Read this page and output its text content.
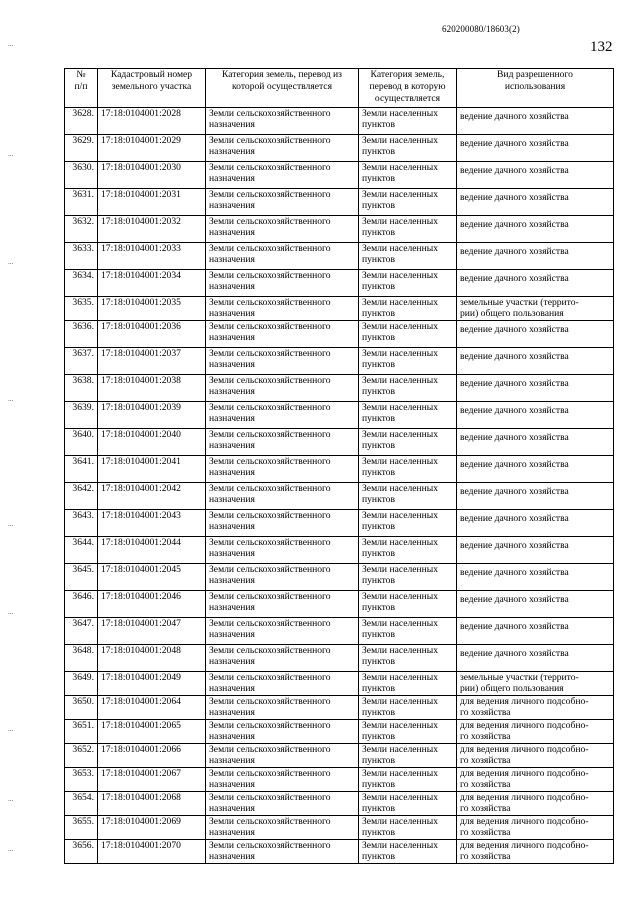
620200080/18603(2)
132
...
...
...
...
...
...
...
...
...
№
п/п	Кадастровый номер
земельного участка	Категория земель, перевод из
которой осуществляется	Категория земель,
перевод в которую
осуществляется	Вид разрешенного
использования

3628.	17:18:0104001:2028	Земли сельскохозяйственного
назначения	Земли населенных
пунктов	ведение дачного хозяйства

3629.	17:18:0104001:2029	Земли сельскохозяйственного
назначения	Земли населенных
пунктов	ведение дачного хозяйства

3630.	17:18:0104001:2030	Земли сельскохозяйственного
назначения	Земли населенных
пунктов	ведение дачного хозяйства

3631.	17:18:0104001:2031	Земли сельскохозяйственного
назначения	Земли населенных
пунктов	ведение дачного хозяйства

3632.	17:18:0104001:2032	Земли сельскохозяйственного
назначения	Земли населенных
пунктов	ведение дачного хозяйства

3633.	17:18:0104001:2033	Земли сельскохозяйственного
назначения	Земли населенных
пунктов	ведение дачного хозяйства

3634.	17:18:0104001:2034	Земли сельскохозяйственного
назначения	Земли населенных
пунктов	ведение дачного хозяйства

3635.	17:18:0104001:2035	Земли сельскохозяйственного
назначения	Земли населенных
пунктов	земельные участки (террито-
рии) общего пользования

3636.	17:18:0104001:2036	Земли сельскохозяйственного
назначения	Земли населенных
пунктов	ведение дачного хозяйства

3637.	17:18:0104001:2037	Земли сельскохозяйственного
назначения	Земли населенных
пунктов	ведение дачного хозяйства

3638.	17:18:0104001:2038	Земли сельскохозяйственного
назначения	Земли населенных
пунктов	ведение дачного хозяйства

3639.	17:18:0104001:2039	Земли сельскохозяйственного
назначения	Земли населенных
пунктов	ведение дачного хозяйства

3640.	17:18:0104001:2040	Земли сельскохозяйственного
назначения	Земли населенных
пунктов	ведение дачного хозяйства

3641.	17:18:0104001:2041	Земли сельскохозяйственного
назначения	Земли населенных
пунктов	ведение дачного хозяйства

3642.	17:18:0104001:2042	Земли сельскохозяйственного
назначения	Земли населенных
пунктов	ведение дачного хозяйства

3643.	17:18:0104001:2043	Земли сельскохозяйственного
назначения	Земли населенных
пунктов	ведение дачного хозяйства

3644.	17:18:0104001:2044	Земли сельскохозяйственного
назначения	Земли населенных
пунктов	ведение дачного хозяйства

3645.	17:18:0104001:2045	Земли сельскохозяйственного
назначения	Земли населенных
пунктов	ведение дачного хозяйства

3646.	17:18:0104001:2046	Земли сельскохозяйственного
назначения	Земли населенных
пунктов	ведение дачного хозяйства

3647.	17:18:0104001:2047	Земли сельскохозяйственного
назначения	Земли населенных
пунктов	ведение дачного хозяйства

3648.	17:18:0104001:2048	Земли сельскохозяйственного
назначения	Земли населенных
пунктов	ведение дачного хозяйства

3649.	17:18:0104001:2049	Земли сельскохозяйственного
назначения	Земли населенных
пунктов	земельные участки (террито-
рии) общего пользования

3650.	17:18:0104001:2064	Земли сельскохозяйственного
назначения	Земли населенных
пунктов	для ведения личного подсобно-
го хозяйства

3651.	17:18:0104001:2065	Земли сельскохозяйственного
назначения	Земли населенных
пунктов	для ведения личного подсобно-
го хозяйства

3652.	17:18:0104001:2066	Земли сельскохозяйственного
назначения	Земли населенных
пунктов	для ведения личного подсобно-
го хозяйства

3653.	17:18:0104001:2067	Земли сельскохозяйственного
назначения	Земли населенных
пунктов	для ведения личного подсобно-
го хозяйства

3654.	17:18:0104001:2068	Земли сельскохозяйственного
назначения	Земли населенных
пунктов	для ведения личного подсобно-
го хозяйства

3655.	17:18:0104001:2069	Земли сельскохозяйственного
назначения	Земли населенных
пунктов	для ведения личного подсобно-
го хозяйства

3656.	17:18:0104001:2070	Земли сельскохозяйственного
назначения	Земли населенных
пунктов	для ведения личного подсобно-
го хозяйства
